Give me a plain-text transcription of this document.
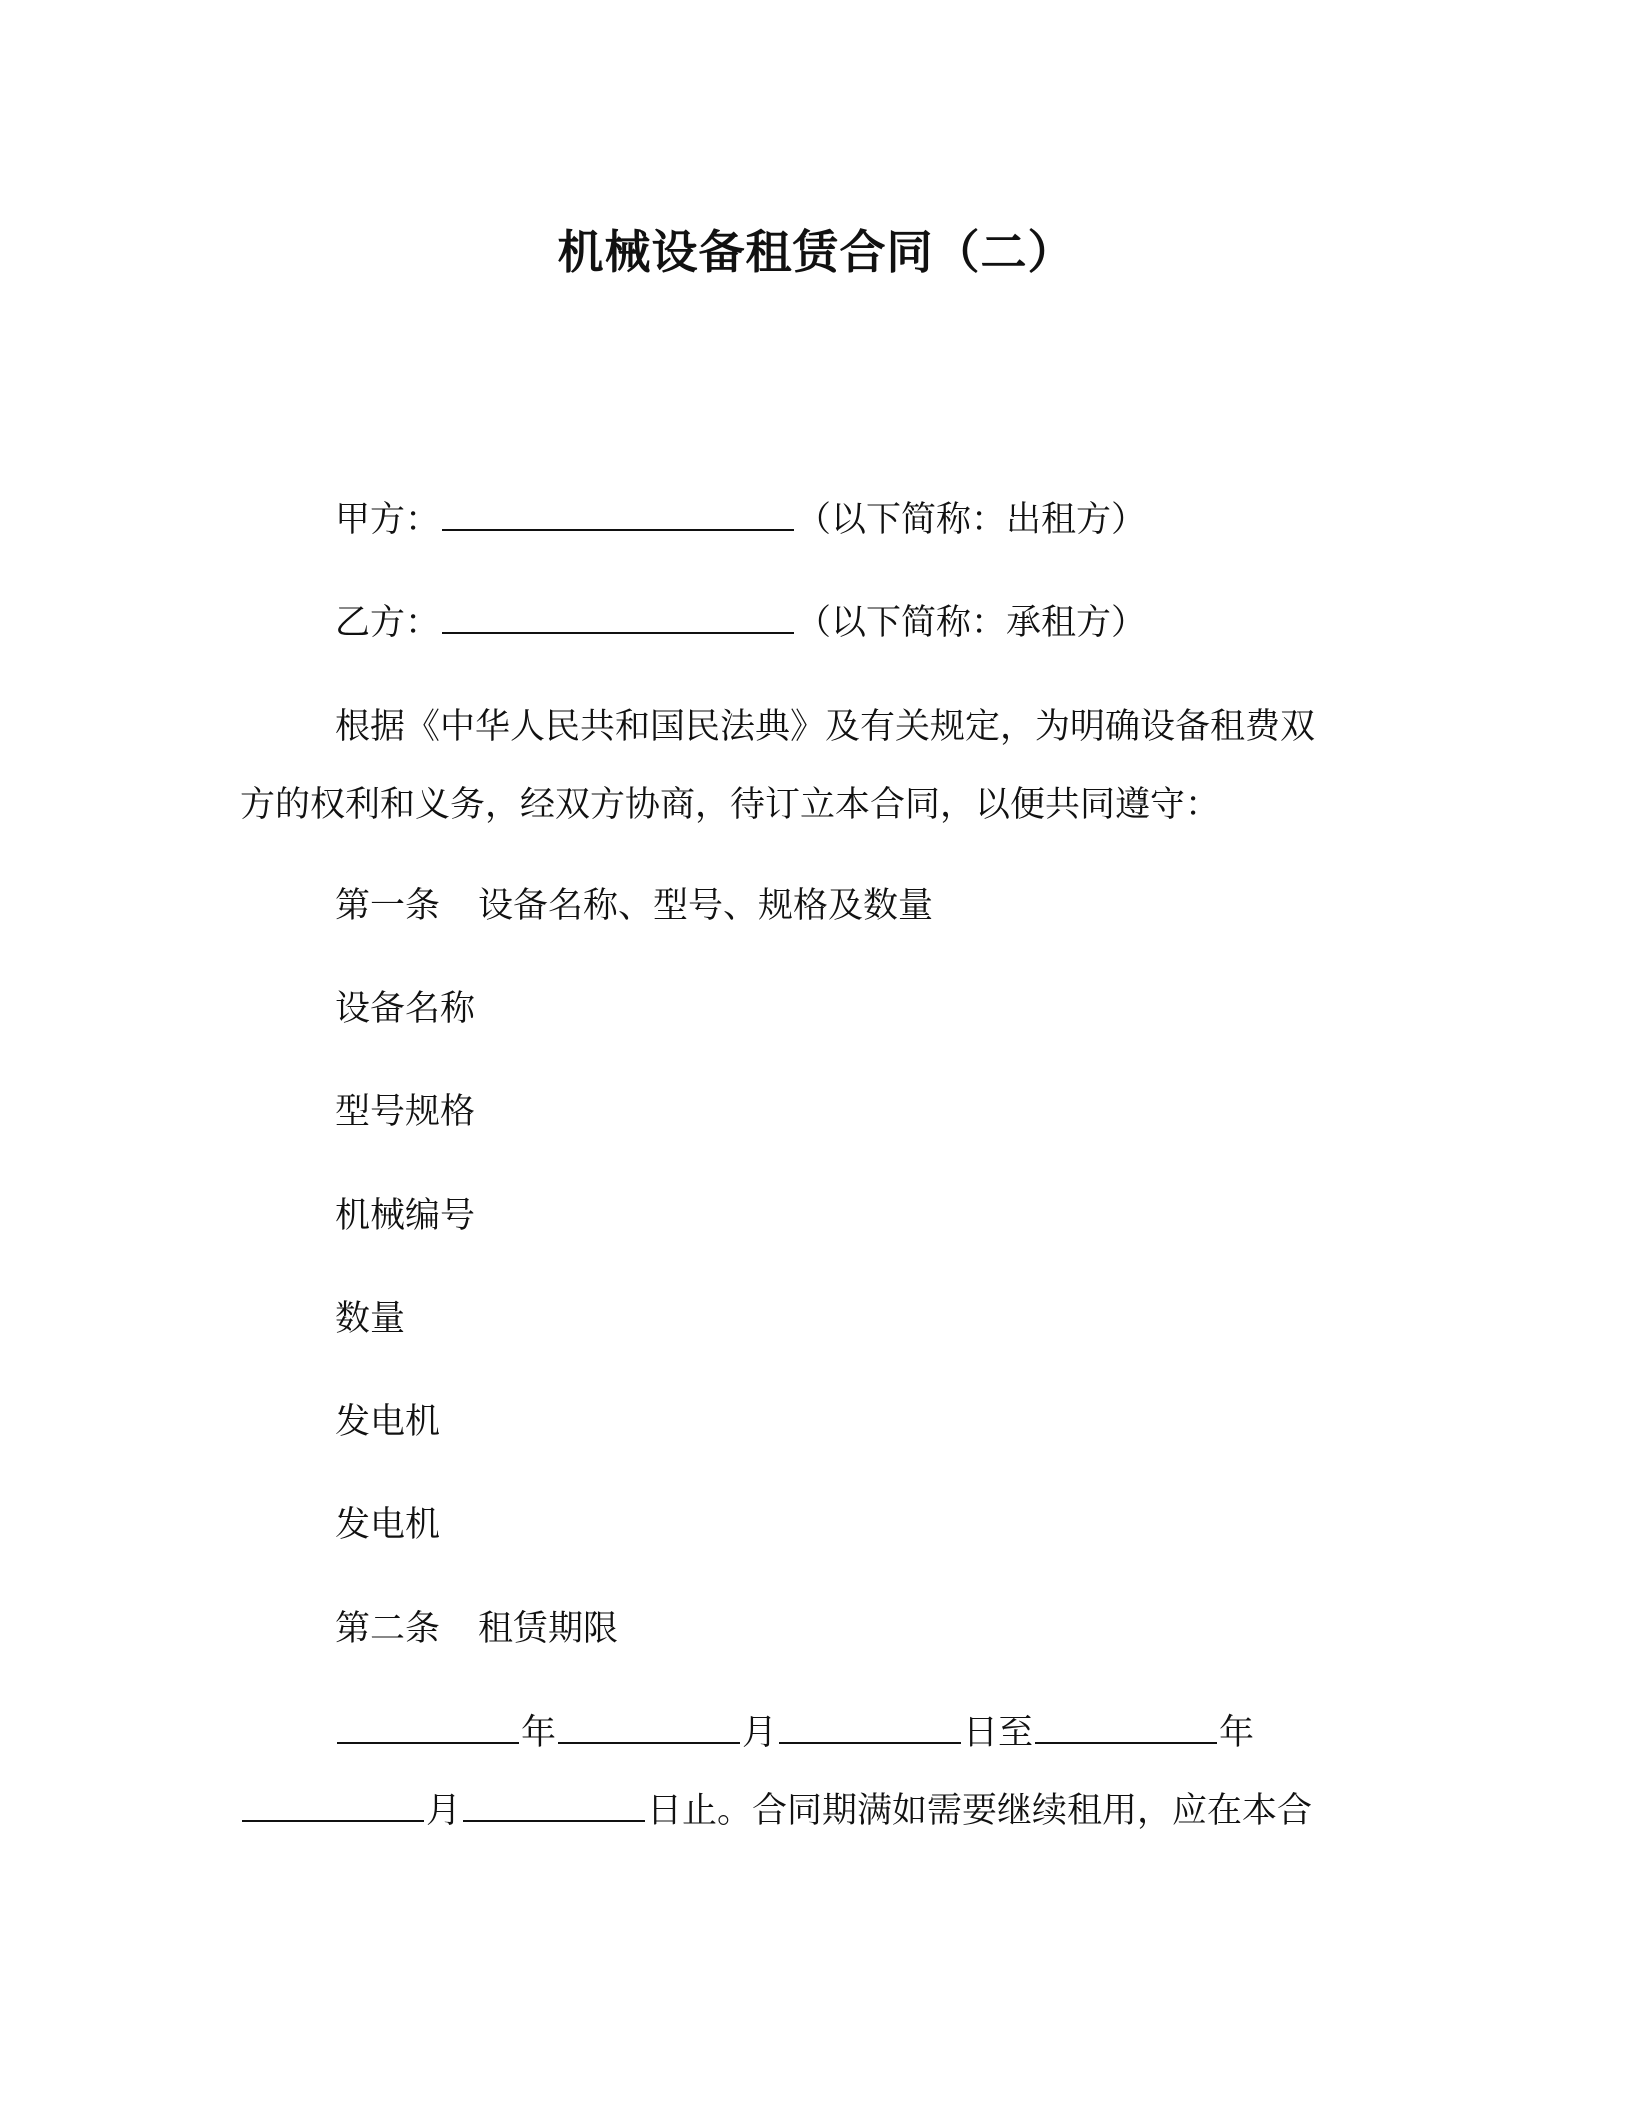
机械设备租赁合同（二）
甲方：	（以下简称：出租方）
乙方：	（以下简称：承租方）
根据《中华人民共和国民法典》及有关规定，为明确设备租费双
方的权利和义务，经双方协商，待订立本合同，以便共同遵守：
第一条 设备名称、型号、规格及数量
设备名称
型号规格
机械编号
数量
发电机
发电机
第二条 租赁期限
年	月	日至	年
月	日止。合同期满如需要继续租用，应在本合
